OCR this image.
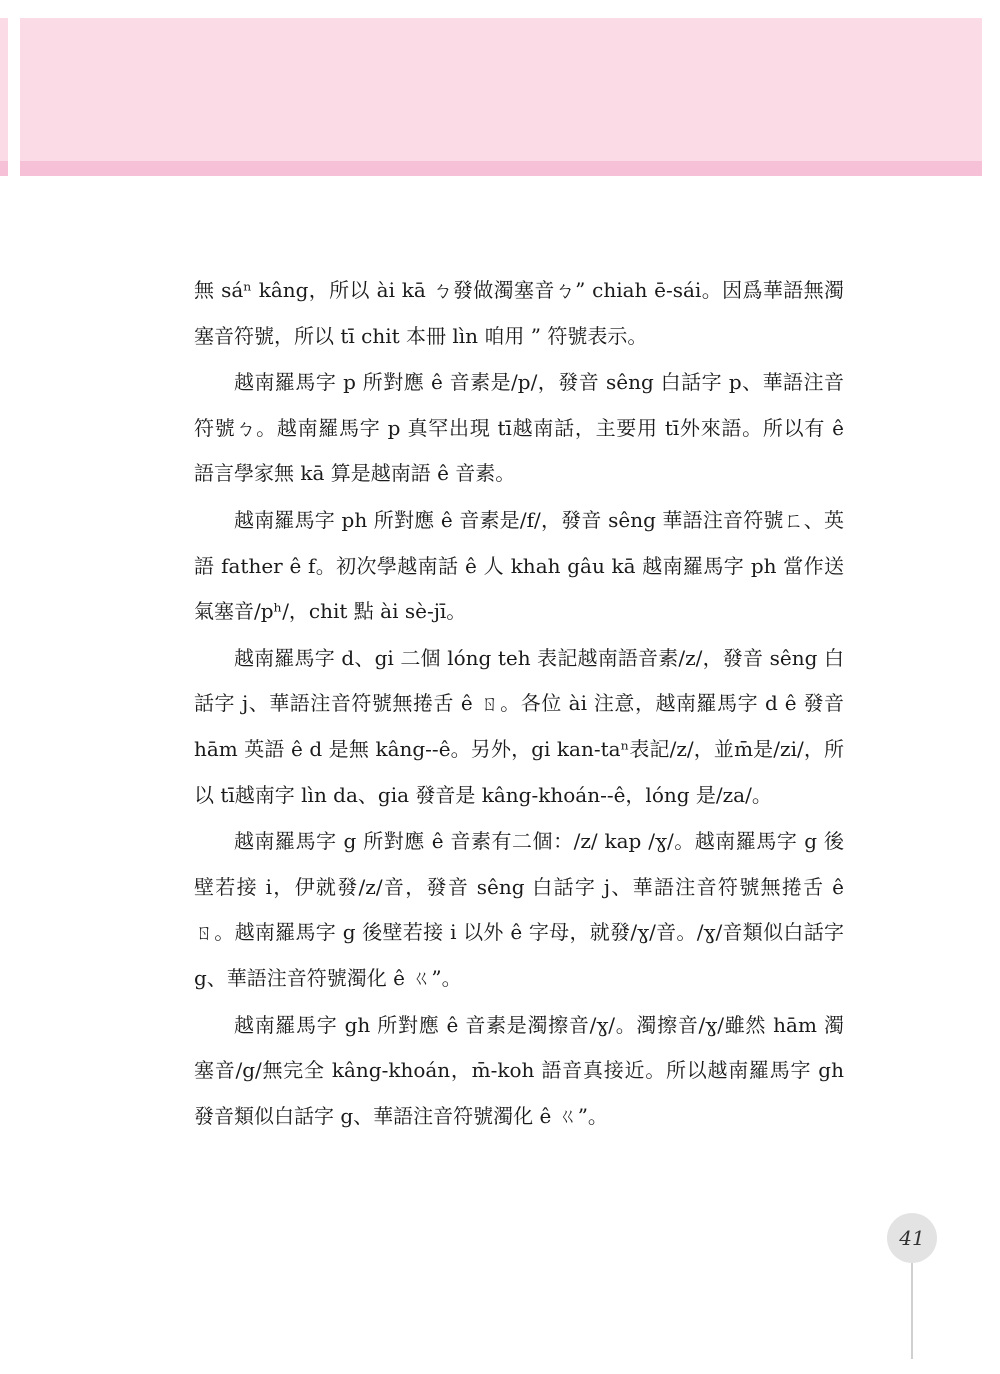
無 sáⁿ kâng，所以 ài kā ㄅ發做濁塞音ㄅ” chiah ē-sái。因爲華語無濁塞音符號，所以 tī chit 本冊 lìn 咱用 ” 符號表示。

越南羅馬字 p 所對應 ê 音素是/p/，發音 sêng 白話字 p、華語注音符號ㄅ。越南羅馬字 p 真罕出現 tī越南話，主要用 tī外來語。所以有 ê 語言學家無 kā 算是越南語 ê 音素。

越南羅馬字 ph 所對應 ê 音素是/f/，發音 sêng 華語注音符號ㄈ、英語 father ê f。初次學越南話 ê 人 khah gâu kā 越南羅馬字 ph 當作送氣塞音/pʰ/，chit 點 ài sè-jī。

越南羅馬字 d、gi 二個 lóng teh 表記越南語音素/z/，發音 sêng 白話字 j、華語注音符號無捲舌 ê ㄖ。各位 ài 注意，越南羅馬字 d ê 發音 hām 英語 ê d 是無 kâng--ê。另外，gi kan-taⁿ表記/z/，並m̄是/zi/，所以 tī越南字 lìn da、gia 發音是 kâng-khoán--ê，lóng 是/za/。

越南羅馬字 g 所對應 ê 音素有二個：/z/ kap /ɣ/。越南羅馬字 g 後壁若接 i，伊就發/z/音，發音 sêng 白話字 j、華語注音符號無捲舌 ê ㄖ。越南羅馬字 g 後壁若接 i 以外 ê 字母，就發/ɣ/音。/ɣ/音類似白話字 g、華語注音符號濁化 ê ㄍ”。

越南羅馬字 gh 所對應 ê 音素是濁擦音/ɣ/。濁擦音/ɣ/雖然 hām 濁塞音/g/無完全 kâng-khoán，m̄-koh 語音真接近。所以越南羅馬字 gh 發音類似白話字 g、華語注音符號濁化 ê ㄍ”。

41
